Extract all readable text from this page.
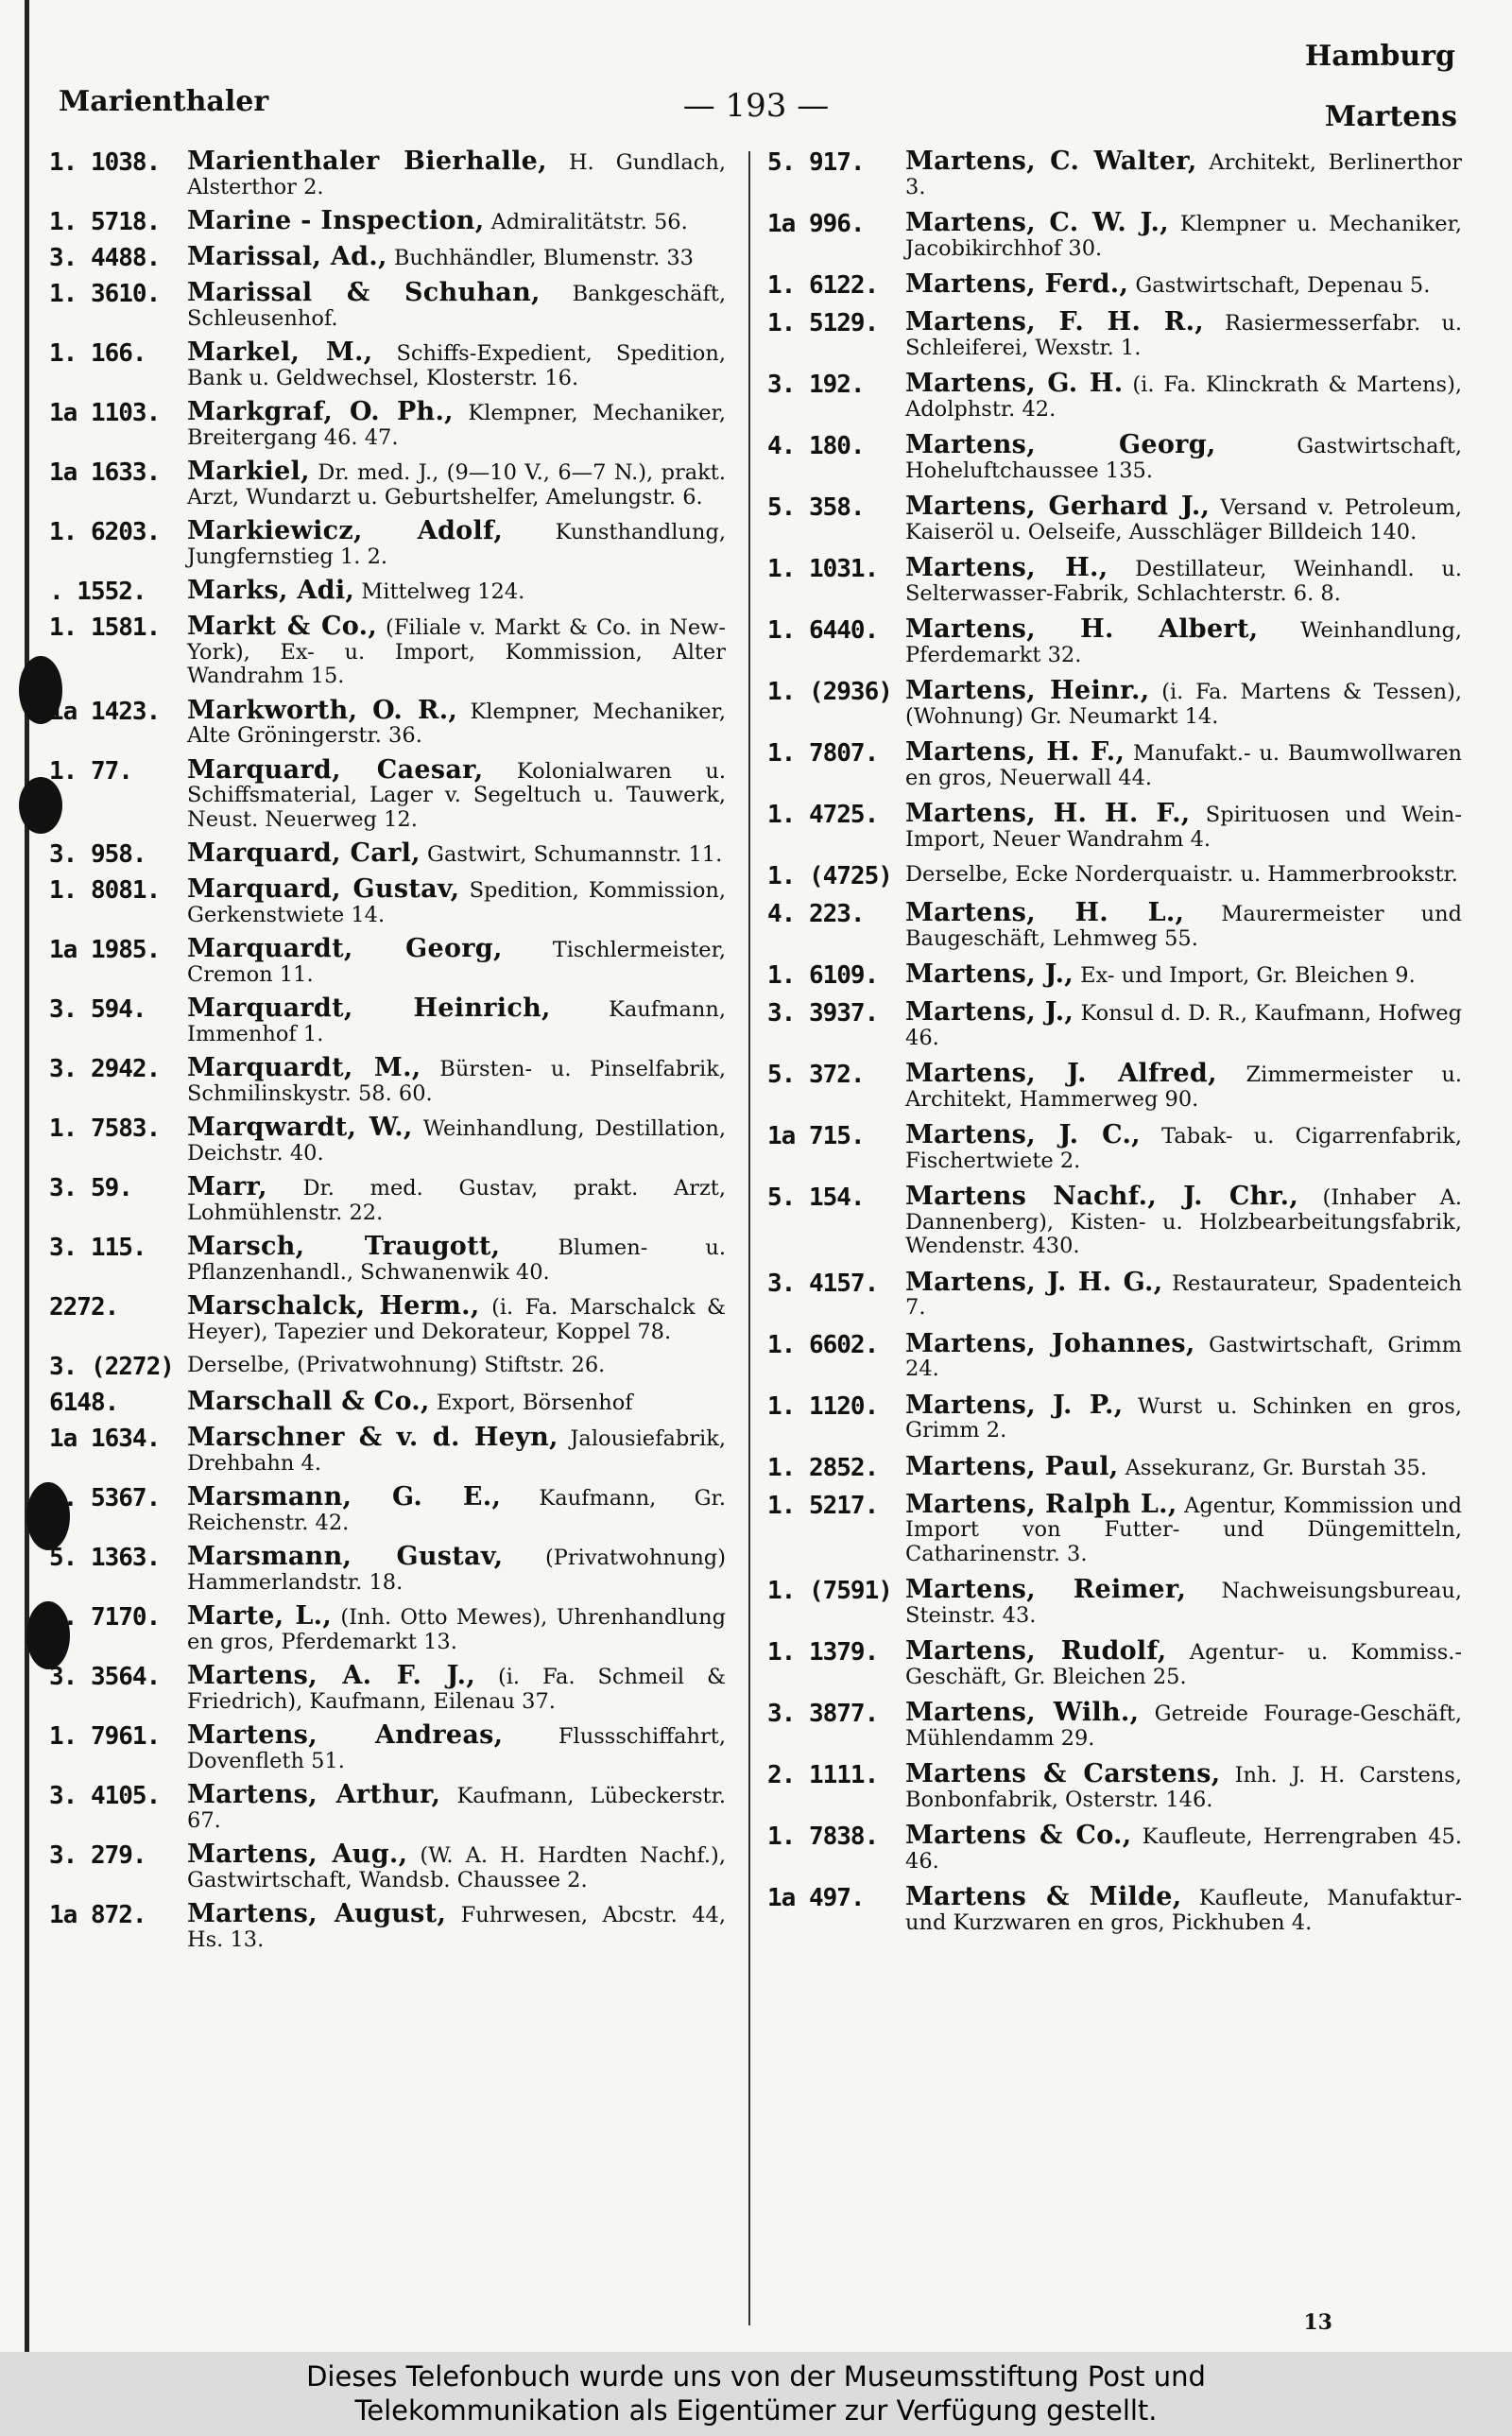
Marienthaler	— 193 —
Hamburg
Martens
1. 1038.	Marienthaler Bierhalle, H. Gundlach, Alsterthor 2.
1. 5718.	Marine - Inspection, Admiralitätstr. 56.
3. 4488.	Marissal, Ad., Buchhändler, Blumenstr. 33
1. 3610.	Marissal & Schuhan, Bankgeschäft, Schleusenhof.
1. 166.	Markel, M., Schiffs-Expedient, Spedition, Bank u. Geldwechsel, Klosterstr. 16.
1a 1103.	Markgraf, O. Ph., Klempner, Mechaniker, Breitergang 46. 47.
1a 1633.	Markiel, Dr. med. J., (9—10 V., 6—7 N.), prakt. Arzt, Wundarzt u. Geburtshelfer, Amelungstr. 6.
1. 6203.	Markiewicz, Adolf, Kunsthandlung, Jungfernstieg 1. 2.
. 1552.	Marks, Adi, Mittelweg 124.
1. 1581.	Markt & Co., (Filiale v. Markt & Co. in New-York), Ex- u. Import, Kommission, Alter Wandrahm 15.
1a 1423.	Markworth, O. R., Klempner, Mechaniker, Alte Gröningerstr. 36.
1. 77.	Marquard, Caesar, Kolonialwaren u. Schiffsmaterial, Lager v. Segeltuch u. Tauwerk, Neust. Neuerweg 12.
3. 958.	Marquard, Carl, Gastwirt, Schumannstr. 11.
1. 8081.	Marquard, Gustav, Spedition, Kommission, Gerkenstwiete 14.
1a 1985.	Marquardt, Georg, Tischlermeister, Cremon 11.
3. 594.	Marquardt, Heinrich,	Kaufmann, Immenhof 1.
3. 2942.	Marquardt, M., Bürsten- u. Pinselfabrik, Schmilinskystr. 58. 60.
1. 7583.	Marqwardt, W., Weinhandlung, Destillation, Deichstr. 40.
3. 59.	Marr, Dr. med. Gustav, prakt. Arzt, Lohmühlenstr. 22.
3. 115.	Marsch, Traugott,	Blumen- u. Pflanzenhandl., Schwanenwik 40.
2272.	Marschalck, Herm., (i. Fa. Marschalck & Heyer), Tapezier und Dekorateur, Koppel 78.
3. (2272) Derselbe, (Privatwohnung) Stiftstr. 26.
6148.	Marschall & Co., Export, Börsenhof
1a 1634.	Marschner & v. d. Heyn, Jalousiefabrik, Drehbahn 4.
1. 5367.	Marsmann, G. E., Kaufmann, Gr. Reichenstr. 42.
5. 1363.	Marsmann, Gustav, (Privatwohnung) Hammerlandstr. 18.
1. 7170.	Marte, L., (Inh. Otto Mewes), Uhrenhandlung en gros, Pferdemarkt 13.
3. 3564.	Martens, A. F. J., (i. Fa. Schmeil & Friedrich), Kaufmann, Eilenau 37.
1. 7961.	Martens, Andreas,	Flussschiffahrt, Dovenfleth 51.
3. 4105.	Martens, Arthur, Kaufmann, Lübeckerstr. 67.
3. 279.	Martens, Aug., (W. A. H. Hardten Nachf.), Gastwirtschaft, Wandsb. Chaussee 2.
1a 872.	Martens, August, Fuhrwesen, Abcstr. 44, Hs. 13.
5. 917.	Martens, C. Walter, Architekt, Berlinerthor 3.
1a 996.	Martens, C. W. J., Klempner u. Mechaniker, Jacobikirchhof 30.
1. 6122.	Martens, Ferd., Gastwirtschaft, Depenau 5.
1. 5129.	Martens, F. H. R., Rasiermesserfabr. u. Schleiferei, Wexstr. 1.
3. 192.	Martens, G. H. (i. Fa. Klinckrath & Martens), Adolphstr. 42.
4. 180.	Martens, Georg,	Gastwirtschaft, Hoheluftchaussee 135.
5. 358.	Martens, Gerhard J., Versand v. Petroleum, Kaiseröl u. Oelseife, Ausschläger Billdeich 140.
1. 1031.	Martens, H., Destillateur, Weinhandl. u. Selterwasser-Fabrik, Schlachterstr. 6. 8.
1. 6440.	Martens, H. Albert, Weinhandlung, Pferdemarkt 32.
1. (2936) Martens, Heinr., (i. Fa. Martens & Tessen), (Wohnung) Gr. Neumarkt 14.
1. 7807.	Martens, H. F., Manufakt.- u. Baumwollwaren en gros, Neuerwall 44.
1. 4725.	Martens, H. H. F., Spirituosen und Wein-Import, Neuer Wandrahm 4.
1. (4725) Derselbe, Ecke Norderquaistr. u. Hammerbrookstr.
4. 223.	Martens, H. L., Maurermeister und Baugeschäft, Lehmweg 55.
1. 6109.	Martens, J., Ex- und Import, Gr. Bleichen 9.
3. 3937.	Martens, J., Konsul d. D. R., Kaufmann, Hofweg 46.
5. 372.	Martens, J. Alfred, Zimmermeister u. Architekt, Hammerweg 90.
1a 715.	Martens, J. C., Tabak- u. Cigarrenfabrik, Fischertwiete 2.
5. 154.	Martens Nachf., J. Chr., (Inhaber A. Dannenberg), Kisten- u. Holzbearbeitungsfabrik, Wendenstr. 430.
3. 4157.	Martens, J. H. G., Restaurateur, Spadenteich 7.
1. 6602.	Martens, Johannes, Gastwirtschaft, Grimm 24.
1. 1120.	Martens, J. P., Wurst u. Schinken en gros, Grimm 2.
1. 2852.	Martens, Paul, Assekuranz, Gr. Burstah 35.
1. 5217.	Martens, Ralph L., Agentur, Kommission und Import von Futter- und Düngemitteln, Catharinenstr. 3.
1. (7591) Martens, Reimer, Nachweisungsbureau, Steinstr. 43.
1. 1379.	Martens, Rudolf, Agentur- u. Kommiss.-Geschäft, Gr. Bleichen 25.
3. 3877.	Martens, Wilh., Getreide Fourage-Geschäft, Mühlendamm 29.
2. 1111.	Martens & Carstens, Inh. J. H. Carstens, Bonbonfabrik, Osterstr. 146.
1. 7838.	Martens & Co., Kaufleute, Herrengraben 45. 46.
1a 497.	Martens & Milde, Kaufleute, Manufaktur- und Kurzwaren en gros, Pickhuben 4.
13
Dieses Telefonbuch wurde uns von der Museumsstiftung Post und
Telekommunikation als Eigentümer zur Verfügung gestellt.
